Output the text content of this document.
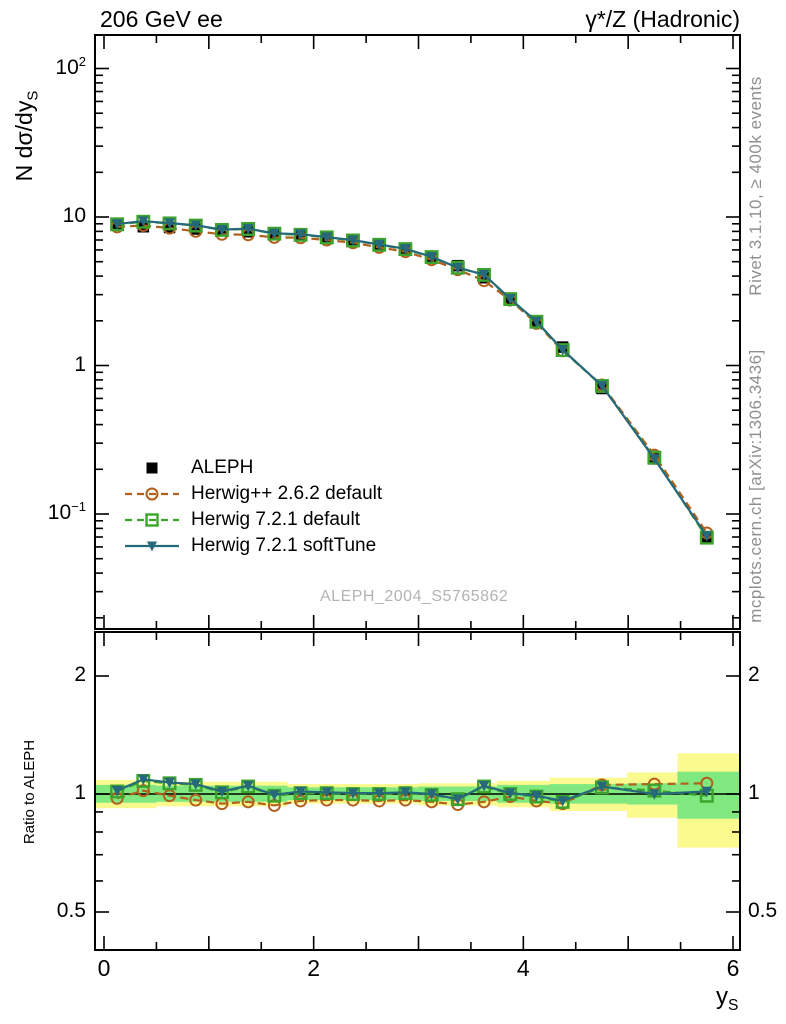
206 GeV ee	γ*/Z (Hadronic)
N $d\sigma/dy_S$
Ratio to ALEPH
Rivet 3.1.10, ≥ 400k events
mcplots.cern.ch [arXiv:1306.3436]
ALEPH_2004_S5765862
$y_S$
ALEPH
Herwig++ 2.6.2 default
Herwig 7.2.1 default
Herwig 7.2.1 softTune
$10^2$
10
1
$10^{-1}$
2	2
1	1
0.5	0.5
0	2	4	6
